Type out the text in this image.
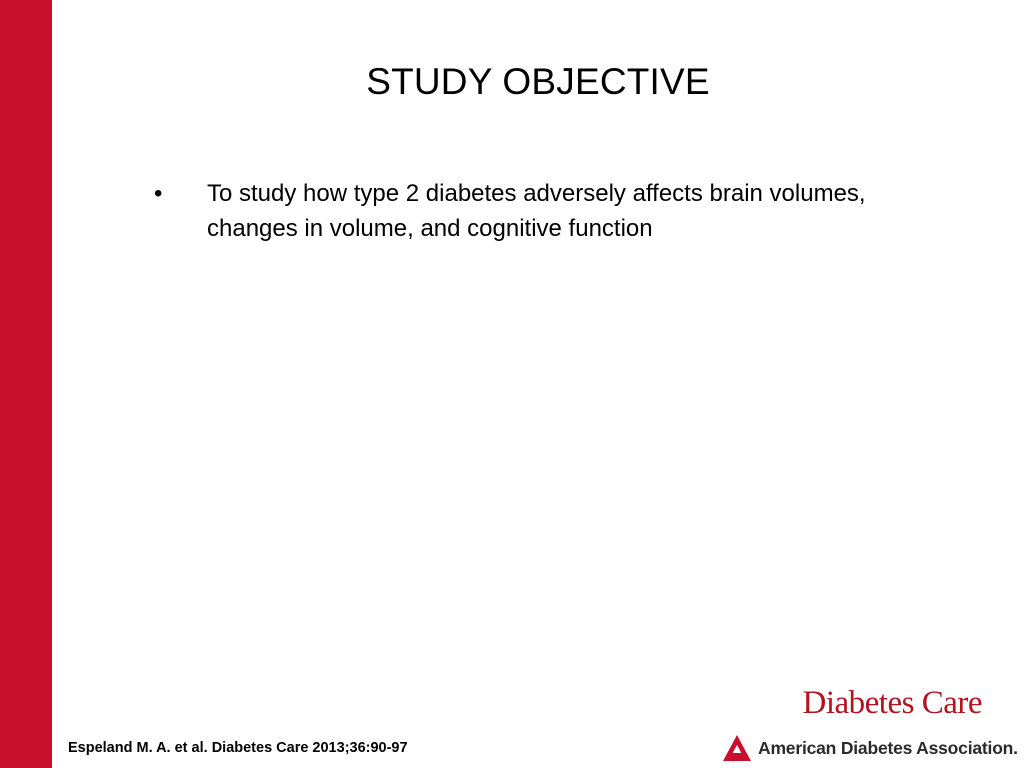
STUDY OBJECTIVE
• To study how type 2 diabetes adversely affects brain volumes, changes in volume, and cognitive function
Espeland M. A. et al. Diabetes Care 2013;36:90-97
Diabetes Care
American Diabetes Association.
